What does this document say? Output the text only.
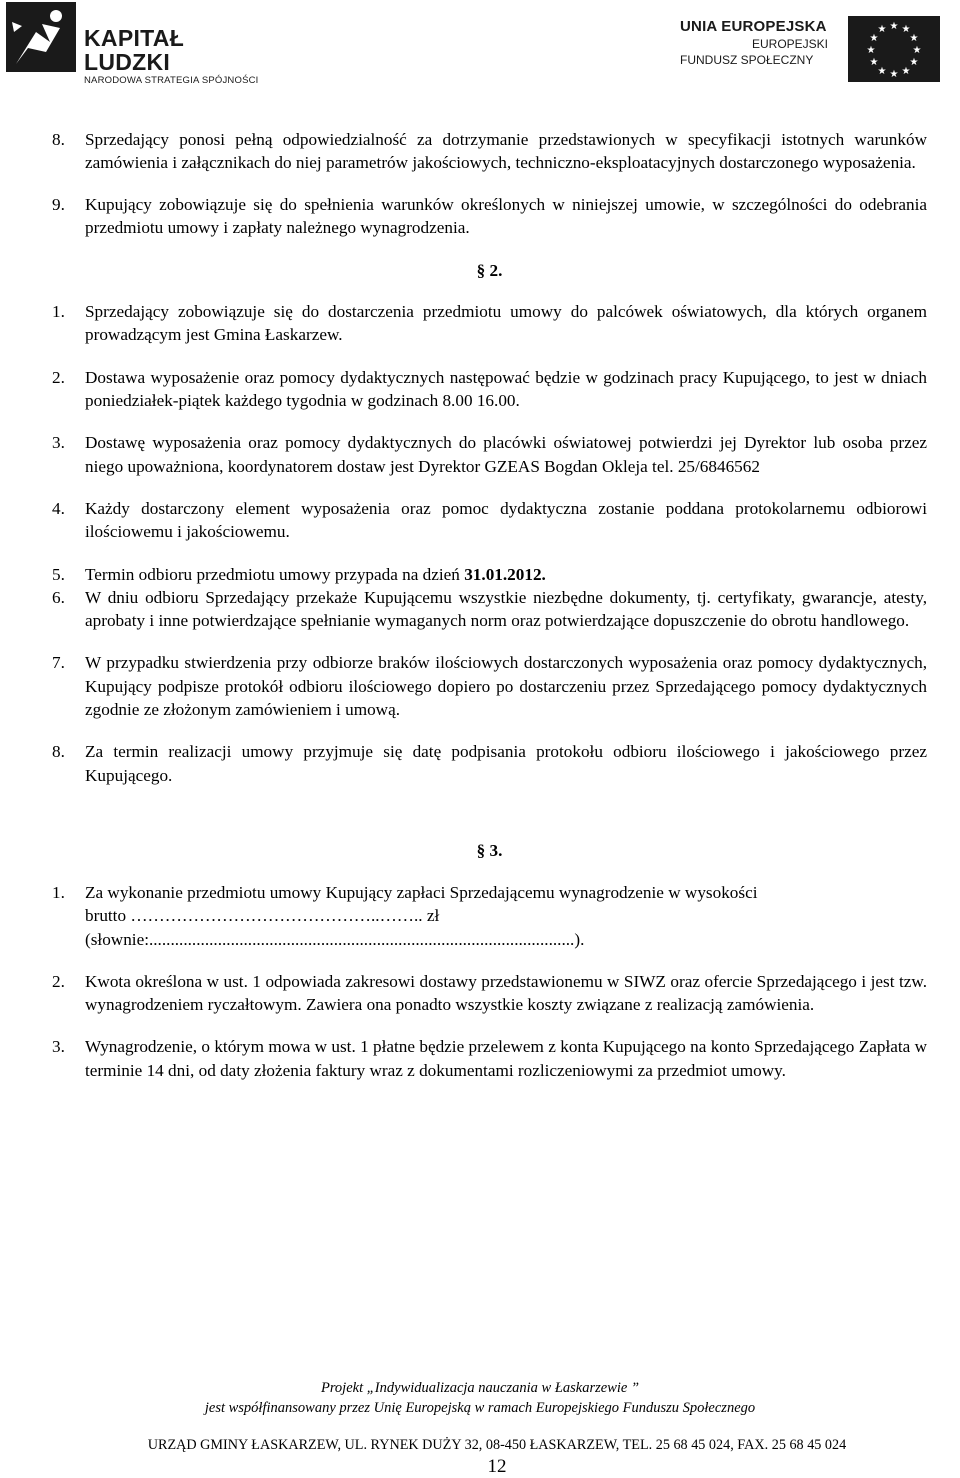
KAPITAŁ LUDZKI
NARODOWA STRATEGIA SPÓJNOŚCI
UNIA EUROPEJSKA
EUROPEJSKI
FUNDUSZ SPOŁECZNY
★ ★
★
★
★
★
★
★
★
★
★
★
8.	Sprzedający ponosi pełną odpowiedzialność za dotrzymanie przedstawionych w specyfikacji istotnych warunków zamówienia i załącznikach do niej parametrów jakościowych, techniczno-eksploatacyjnych dostarczonego wyposażenia.
9.	Kupujący zobowiązuje się do spełnienia warunków określonych w niniejszej umowie, w szczególności do odebrania przedmiotu umowy i zapłaty należnego wynagrodzenia.
§ 2.
1.	Sprzedający zobowiązuje się do dostarczenia przedmiotu umowy do palcówek oświatowych, dla których organem prowadzącym jest Gmina Łaskarzew.
2.	Dostawa wyposażenie oraz pomocy dydaktycznych następować będzie w godzinach pracy Kupującego, to jest w dniach poniedziałek-piątek każdego tygodnia w godzinach 8.00 16.00.
3.	Dostawę wyposażenia oraz pomocy dydaktycznych do placówki oświatowej potwierdzi jej Dyrektor lub osoba przez niego upoważniona, koordynatorem dostaw jest Dyrektor GZEAS Bogdan Okleja tel. 25/6846562
4.	Każdy dostarczony element wyposażenia oraz pomoc dydaktyczna zostanie poddana protokolarnemu odbiorowi ilościowemu i jakościowemu.
5.	Termin odbioru przedmiotu umowy przypada na dzień 31.01.2012.
6.	W dniu odbioru Sprzedający przekaże Kupującemu wszystkie niezbędne dokumenty, tj. certyfikaty, gwarancje, atesty, aprobaty i inne potwierdzające spełnianie wymaganych norm oraz potwierdzające dopuszczenie do obrotu handlowego.
7.	W przypadku stwierdzenia przy odbiorze braków ilościowych dostarczonych wyposażenia oraz pomocy dydaktycznych, Kupujący podpisze protokół odbioru ilościowego dopiero po dostarczeniu przez Sprzedającego pomocy dydaktycznych zgodnie ze złożonym zamówieniem i umową.
8.	Za termin realizacji umowy przyjmuje się datę podpisania protokołu odbioru ilościowego i jakościowego przez Kupującego.
§ 3.
1.	Za wykonanie przedmiotu umowy Kupujący zapłaci Sprzedającemu wynagrodzenie w wysokości
brutto ……………………………………..…….. zł
(słownie:...................................................................................................).
2.	Kwota określona w ust. 1 odpowiada zakresowi dostawy przedstawionemu w SIWZ oraz ofercie Sprzedającego i jest tzw. wynagrodzeniem ryczałtowym. Zawiera ona ponadto wszystkie koszty związane z realizacją zamówienia.
3.	Wynagrodzenie, o którym mowa w ust. 1 płatne będzie przelewem z konta Kupującego na konto Sprzedającego Zapłata w terminie 14 dni, od daty złożenia faktury wraz z dokumentami rozliczeniowymi za przedmiot umowy.
Projekt „Indywidualizacja nauczania w Łaskarzewie ”
jest współfinansowany przez Unię Europejską w ramach Europejskiego Funduszu Społecznego
URZĄD GMINY ŁASKARZEW, UL. RYNEK DUŻY 32, 08-450 ŁASKARZEW, TEL. 25 68 45 024, FAX. 25 68 45 024
12
